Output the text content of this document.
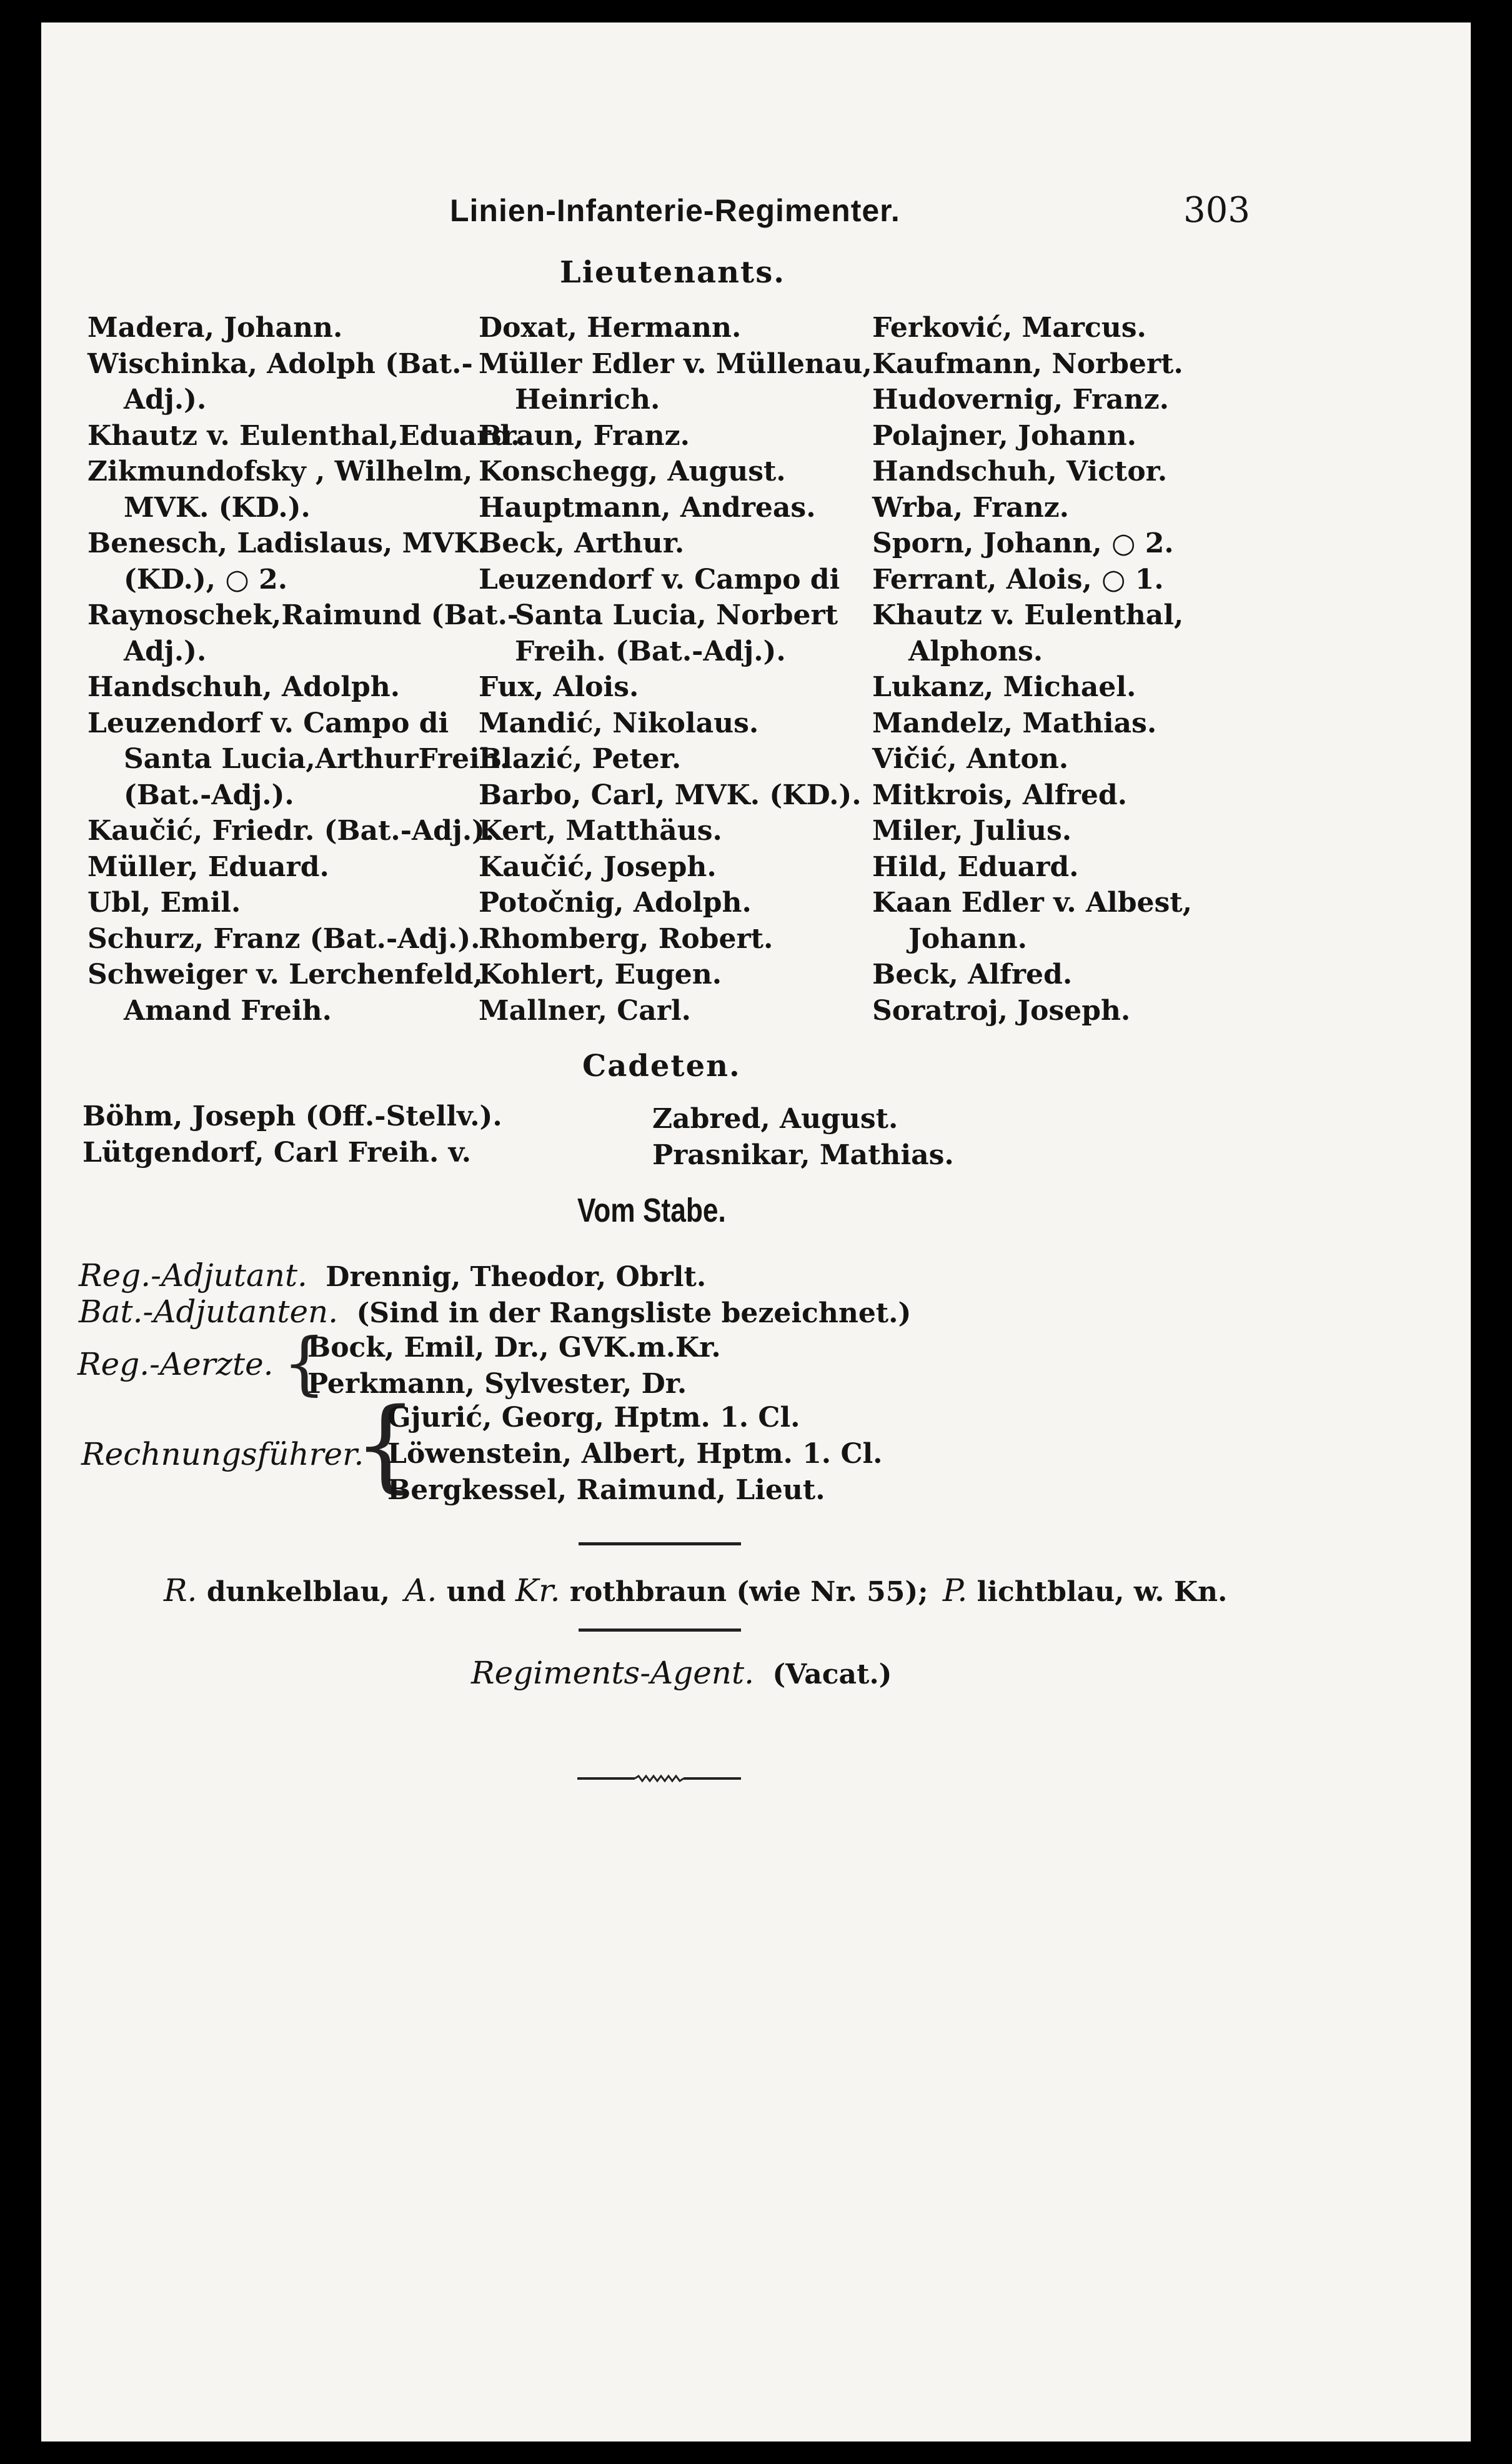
Linien-Infanterie-Regimenter.	303
Lieutenants.
Madera, Johann.
Wischinka, Adolph (Bat.-
Adj.).
Khautz v. Eulenthal,Eduard.
Zikmundofsky , Wilhelm,
MVK. (KD.).
Benesch, Ladislaus, MVK.
(KD.), ○ 2.
Raynoschek,Raimund (Bat.-
Adj.).
Handschuh, Adolph.
Leuzendorf v. Campo di
Santa Lucia,ArthurFreih.
(Bat.-Adj.).
Kaučić, Friedr. (Bat.-Adj.).
Müller, Eduard.
Ubl, Emil.
Schurz, Franz (Bat.-Adj.).
Schweiger v. Lerchenfeld,
Amand Freih.
Doxat, Hermann.
Müller Edler v. Müllenau,
Heinrich.
Braun, Franz.
Konschegg, August.
Hauptmann, Andreas.
Beck, Arthur.
Leuzendorf v. Campo di
Santa Lucia, Norbert
Freih. (Bat.-Adj.).
Fux, Alois.
Mandić, Nikolaus.
Blazić, Peter.
Barbo, Carl, MVK. (KD.).
Kert, Matthäus.
Kaučić, Joseph.
Potočnig, Adolph.
Rhomberg, Robert.
Kohlert, Eugen.
Mallner, Carl.
Ferković, Marcus.
Kaufmann, Norbert.
Hudovernig, Franz.
Polajner, Johann.
Handschuh, Victor.
Wrba, Franz.
Sporn, Johann, ○ 2.
Ferrant, Alois, ○ 1.
Khautz v. Eulenthal,
Alphons.
Lukanz, Michael.
Mandelz, Mathias.
Vičić, Anton.
Mitkrois, Alfred.
Miler, Julius.
Hild, Eduard.
Kaan Edler v. Albest,
Johann.
Beck, Alfred.
Soratroj, Joseph.
Cadeten.
Böhm, Joseph (Off.-Stellv.).
Lütgendorf, Carl Freih. v.
Zabred, August.
Prasnikar, Mathias.
Vom Stabe.
Reg.-Adjutant. Drennig, Theodor, Obrlt.
Bat.-Adjutanten. (Sind in der Rangsliste bezeichnet.)
Reg.-Aerzte. {
Bock, Emil, Dr., GVK.m.Kr.
Perkmann, Sylvester, Dr.
Rechnungsführer.
{
Gjurić, Georg, Hptm. 1. Cl.
Löwenstein, Albert, Hptm. 1. Cl.
Bergkessel, Raimund, Lieut.
R. dunkelblau, A. und Kr. rothbraun (wie Nr. 55); P. lichtblau, w. Kn.
Regiments-Agent. (Vacat.)
